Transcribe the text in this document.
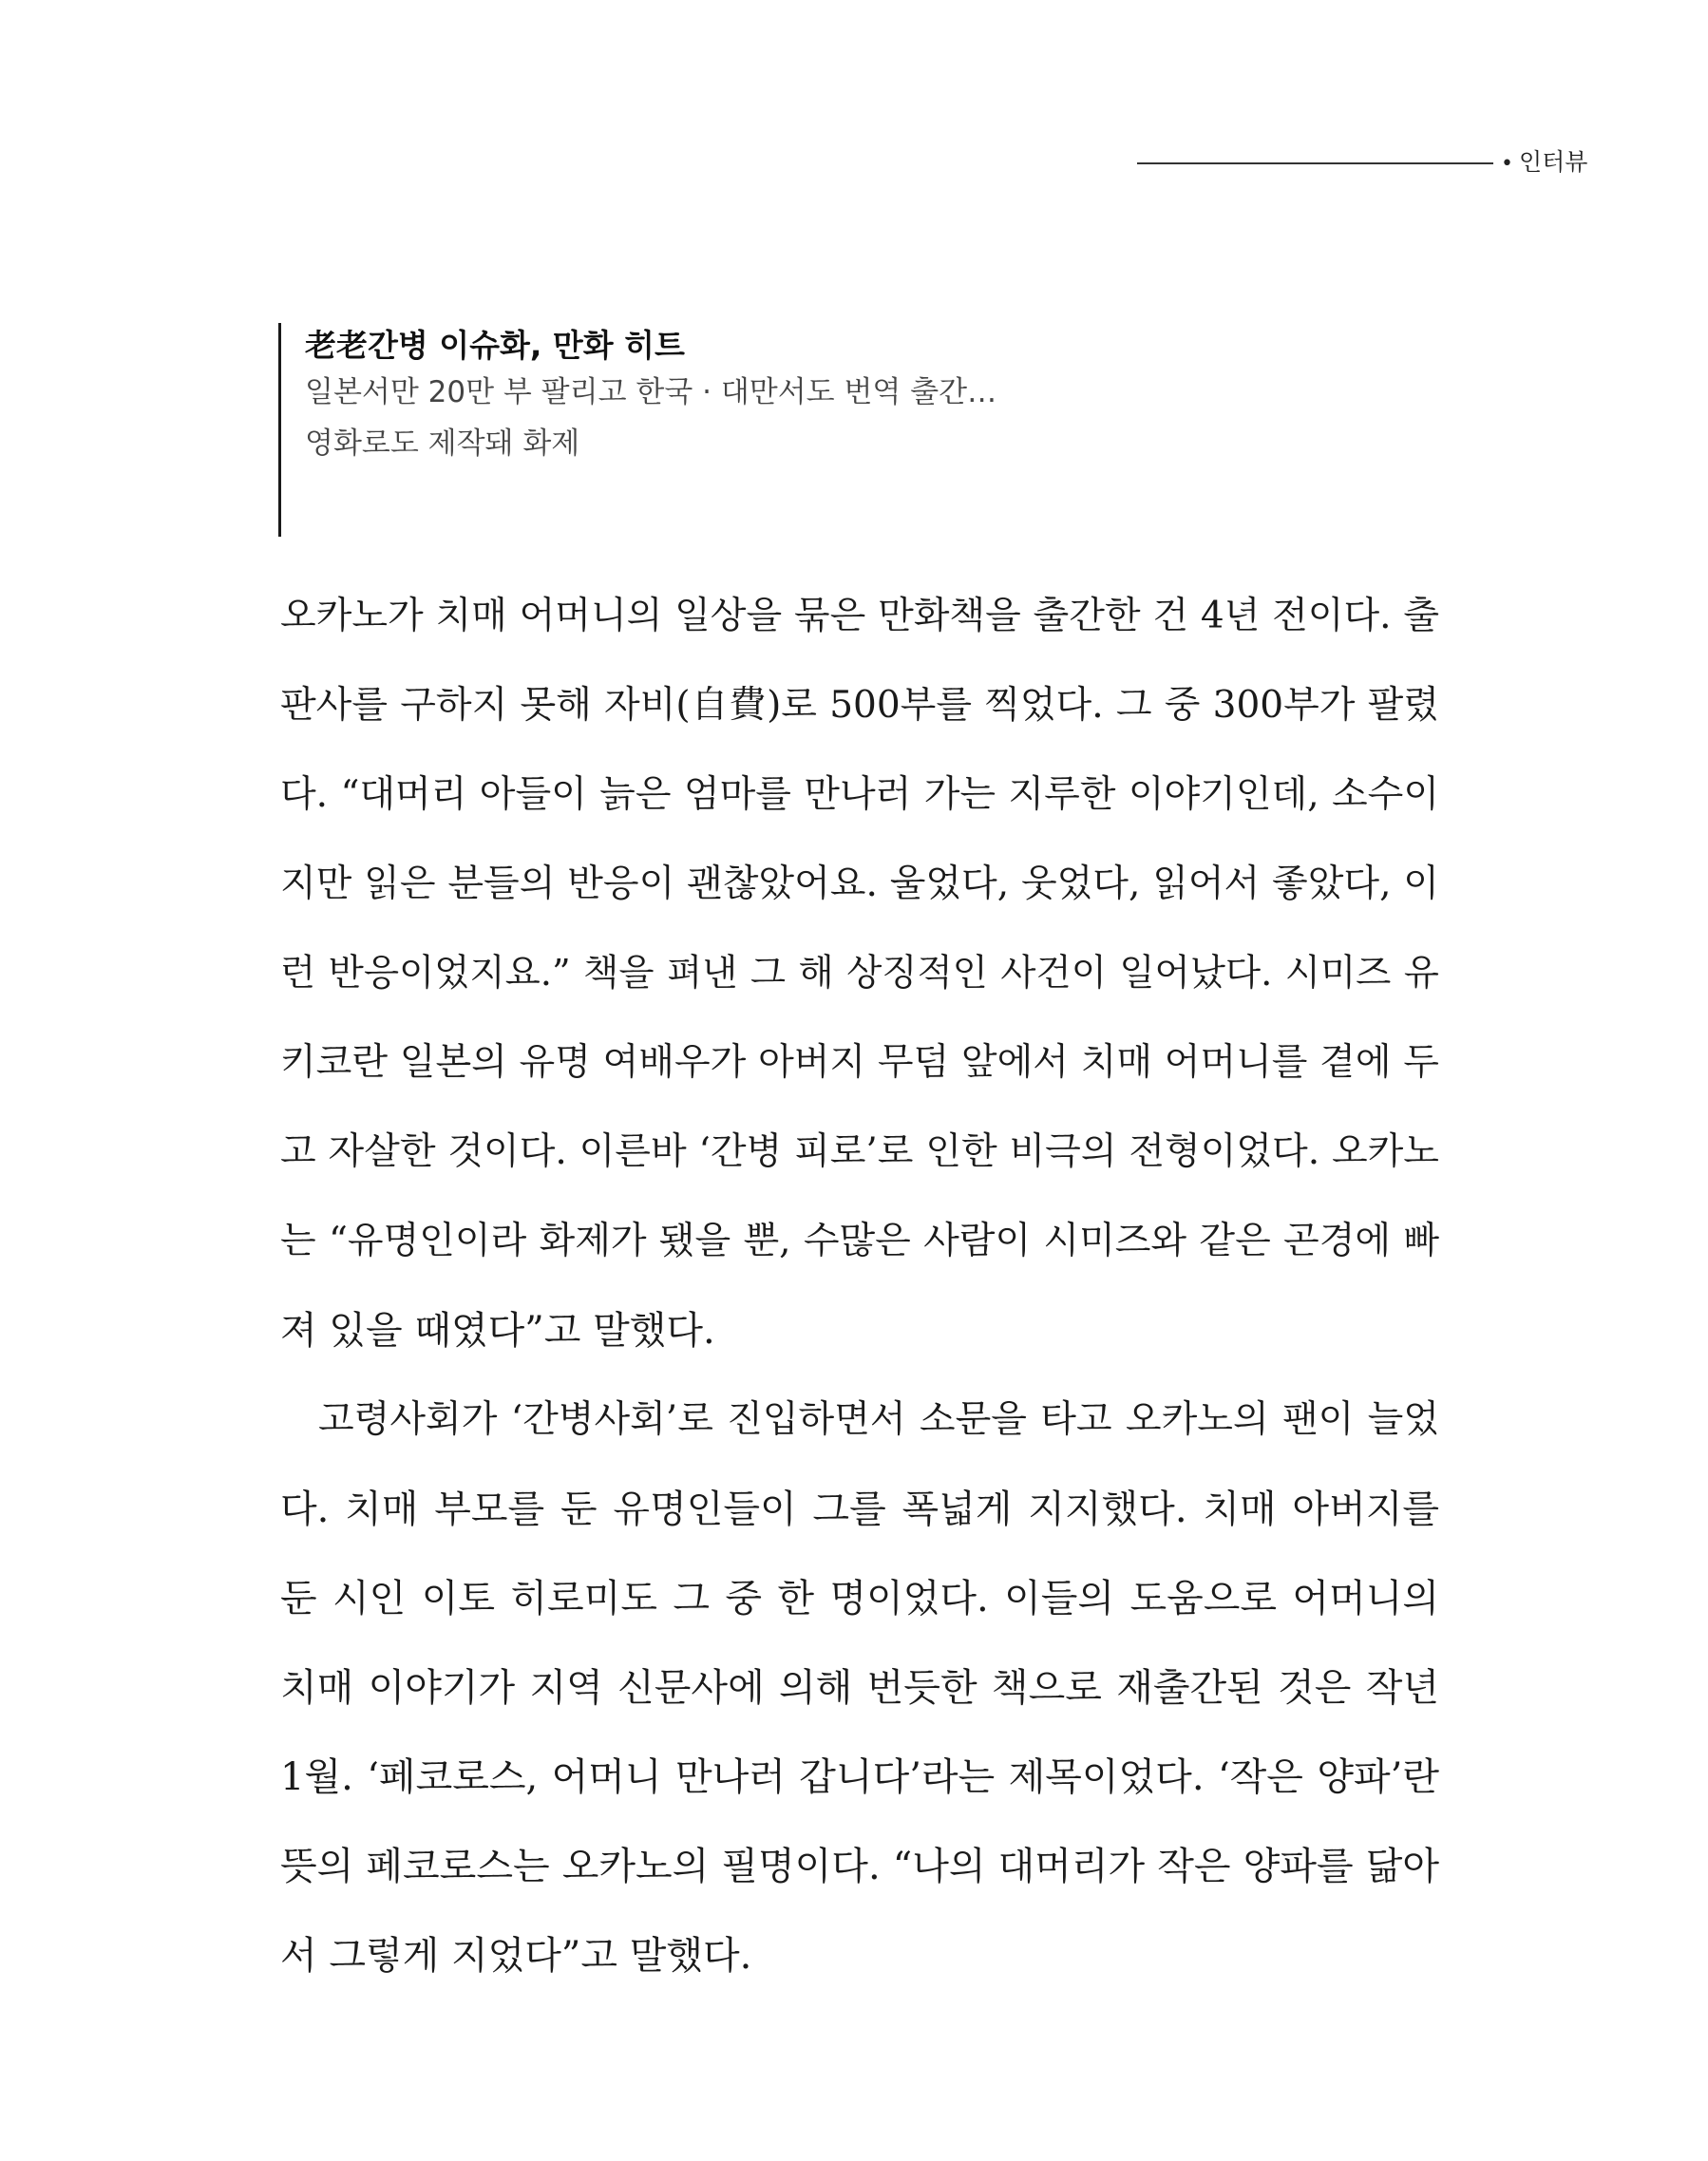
• 인터뷰
老老간병 이슈화, 만화 히트
일본서만 20만 부 팔리고 한국 · 대만서도 번역 출간…
영화로도 제작돼 화제
오카노가 치매 어머니의 일상을 묶은 만화책을 출간한 건 4년 전이다. 출
판사를 구하지 못해 자비(自費)로 500부를 찍었다. 그 중 300부가 팔렸
다. “대머리 아들이 늙은 엄마를 만나러 가는 지루한 이야기인데, 소수이
지만 읽은 분들의 반응이 괜찮았어요. 울었다, 웃었다, 읽어서 좋았다, 이
런 반응이었지요.” 책을 펴낸 그 해 상징적인 사건이 일어났다. 시미즈 유
키코란 일본의 유명 여배우가 아버지 무덤 앞에서 치매 어머니를 곁에 두
고 자살한 것이다. 이른바 ‘간병 피로’로 인한 비극의 전형이었다. 오카노
는 “유명인이라 화제가 됐을 뿐, 수많은 사람이 시미즈와 같은 곤경에 빠
져 있을 때였다”고 말했다.
고령사회가 ‘간병사회’로 진입하면서 소문을 타고 오카노의 팬이 늘었
다. 치매 부모를 둔 유명인들이 그를 폭넓게 지지했다. 치매 아버지를
둔 시인 이토 히로미도 그 중 한 명이었다. 이들의 도움으로 어머니의
치매 이야기가 지역 신문사에 의해 번듯한 책으로 재출간된 것은 작년
1월. ‘페코로스, 어머니 만나러 갑니다’라는 제목이었다. ‘작은 양파’란
뜻의 페코로스는 오카노의 필명이다. “나의 대머리가 작은 양파를 닮아
서 그렇게 지었다”고 말했다.
